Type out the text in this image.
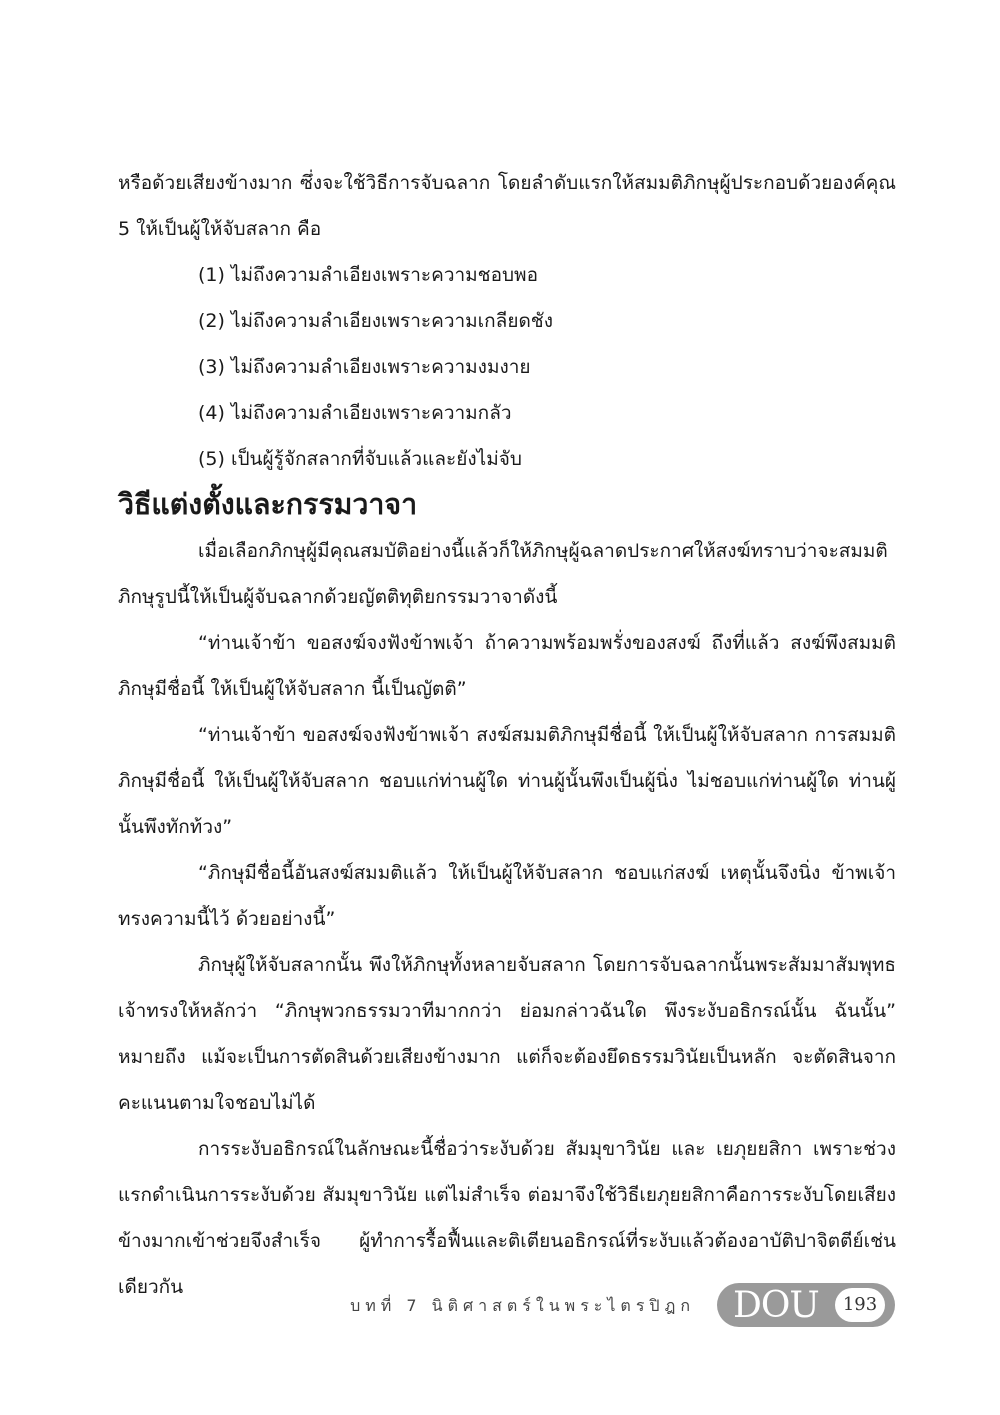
หรือด้วยเสียงข้างมาก ซึ่งจะใช้วิธีการจับฉลาก โดยลำดับแรกให้สมมติภิกษุผู้ประกอบด้วยองค์คุณ 5 ให้เป็นผู้ให้จับสลาก คือ

(1) ไม่ถึงความลำเอียงเพราะความชอบพอ
(2) ไม่ถึงความลำเอียงเพราะความเกลียดชัง
(3) ไม่ถึงความลำเอียงเพราะความงมงาย
(4) ไม่ถึงความลำเอียงเพราะความกลัว
(5) เป็นผู้รู้จักสลากที่จับแล้วและยังไม่จับ
วิธีแต่งตั้งและกรรมวาจา

เมื่อเลือกภิกษุผู้มีคุณสมบัติอย่างนี้แล้วก็ให้ภิกษุผู้ฉลาดประกาศให้สงฆ์ทราบว่าจะสมมติภิกษุรูปนี้ให้เป็นผู้จับฉลากด้วยญัตติทุติยกรรมวาจาดังนี้

“ท่านเจ้าข้า ขอสงฆ์จงฟังข้าพเจ้า ถ้าความพร้อมพรั่งของสงฆ์ ถึงที่แล้ว สงฆ์พึงสมมติภิกษุมีชื่อนี้ ให้เป็นผู้ให้จับสลาก นี้เป็นญัตติ”

“ท่านเจ้าข้า ขอสงฆ์จงฟังข้าพเจ้า สงฆ์สมมติภิกษุมีชื่อนี้ ให้เป็นผู้ให้จับสลาก การสมมติ ภิกษุมีชื่อนี้ ให้เป็นผู้ให้จับสลาก ชอบแก่ท่านผู้ใด ท่านผู้นั้นพึงเป็นผู้นิ่ง ไม่ชอบแก่ท่านผู้ใด ท่านผู้นั้นพึงทักท้วง”

“ภิกษุมีชื่อนี้อันสงฆ์สมมติแล้ว ให้เป็นผู้ให้จับสลาก ชอบแก่สงฆ์ เหตุนั้นจึงนิ่ง ข้าพเจ้าทรงความนี้ไว้ ด้วยอย่างนี้”

ภิกษุผู้ให้จับสลากนั้น พึงให้ภิกษุทั้งหลายจับสลาก โดยการจับฉลากนั้นพระสัมมาสัมพุทธเจ้าทรงให้หลักว่า “ภิกษุพวกธรรมวาทีมากกว่า ย่อมกล่าวฉันใด พึงระงับอธิกรณ์นั้น ฉันนั้น” หมายถึง แม้จะเป็นการตัดสินด้วยเสียงข้างมาก แต่ก็จะต้องยึดธรรมวินัยเป็นหลัก จะตัดสินจากคะแนนตามใจชอบไม่ได้

การระงับอธิกรณ์ในลักษณะนี้ชื่อว่าระงับด้วย สัมมุขาวินัย และ เยภุยยสิกา เพราะช่วงแรกดำเนินการระงับด้วย สัมมุขาวินัย แต่ไม่สำเร็จ ต่อมาจึงใช้วิธีเยภุยยสิกาคือการระงับโดยเสียงข้างมากเข้าช่วยจึงสำเร็จ ผู้ทำการรื้อฟื้นและติเตียนอธิกรณ์ที่ระงับแล้วต้องอาบัติปาจิตตีย์เช่นเดียวกัน

บทที่ 7 นิติศาสตร์ในพระไตรปิฎก DOU	193
